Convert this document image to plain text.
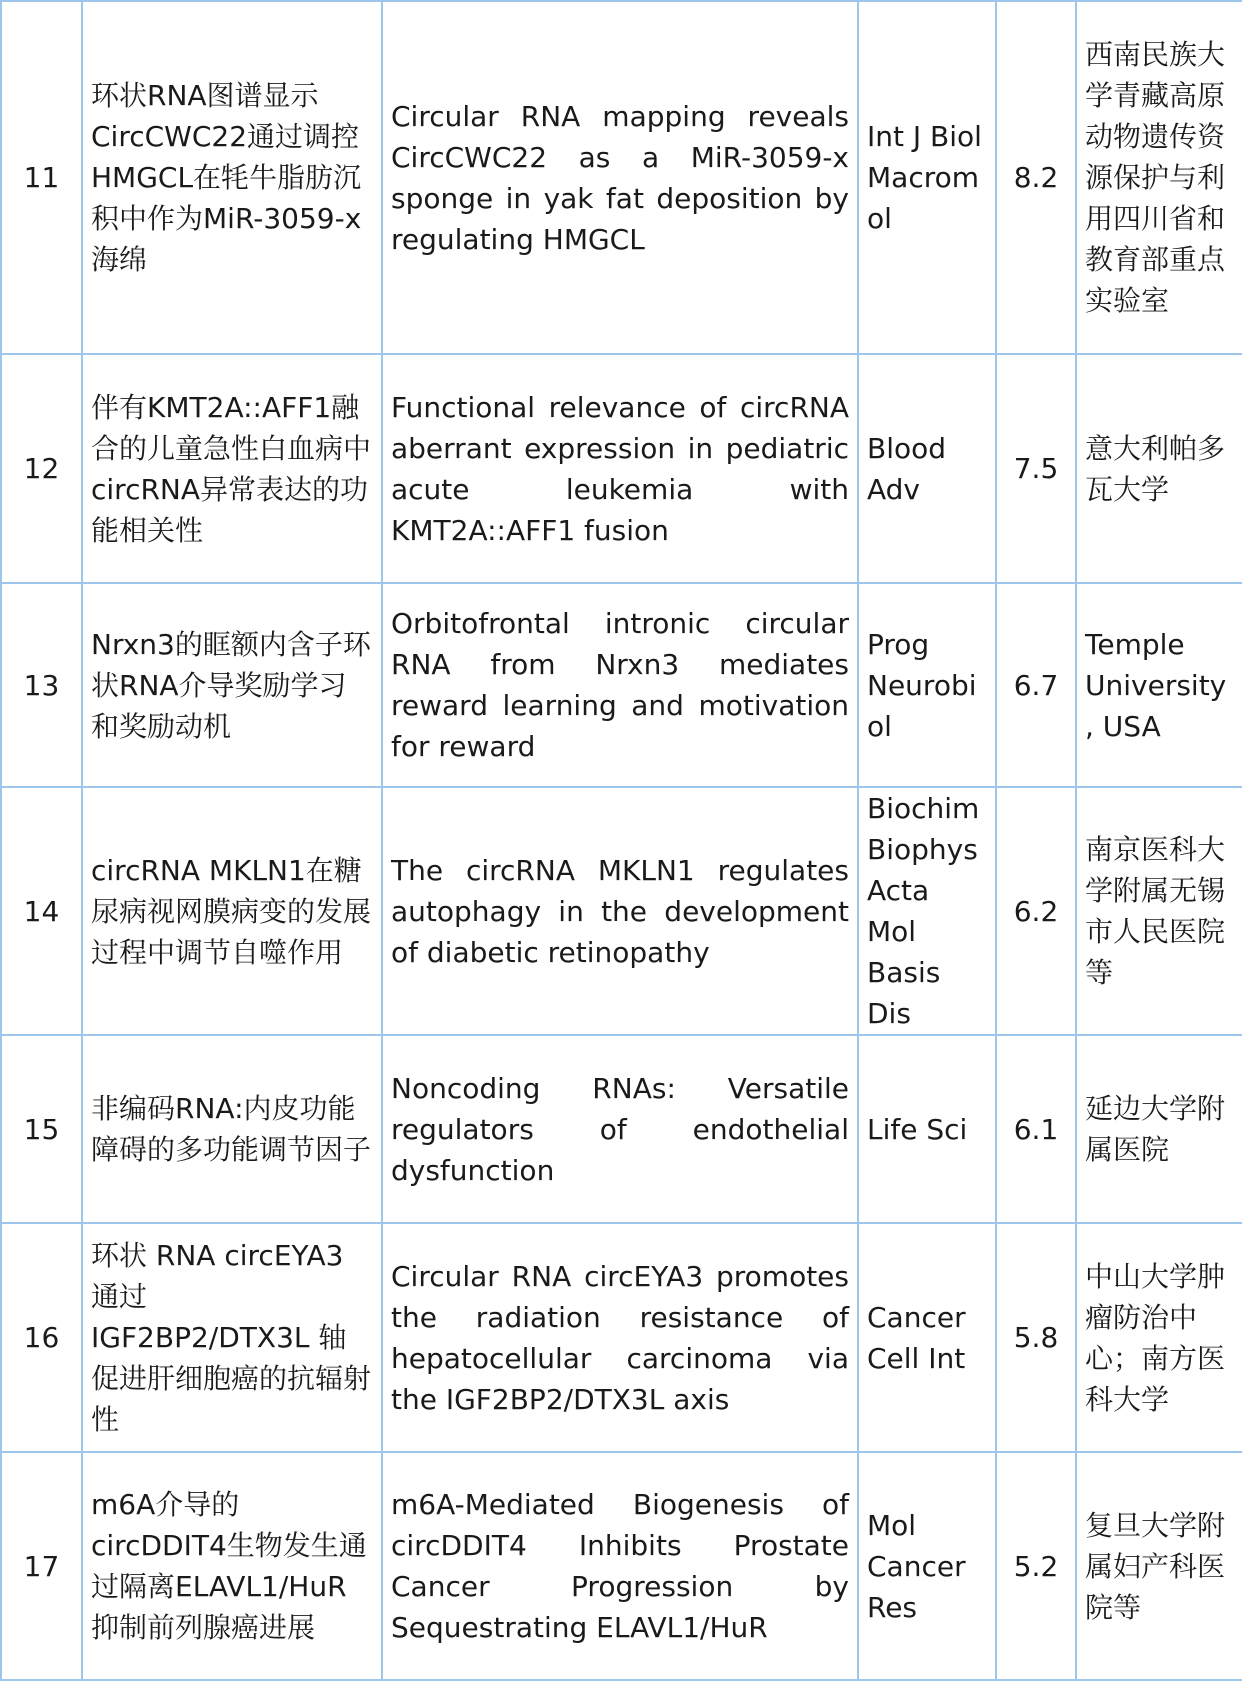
11	环状RNA图谱显示CircCWC22通过调控HMGCL在牦牛脂肪沉积中作为MiR-3059-x海绵	Circular RNA mapping reveals CircCWC22 as a MiR-3059-x sponge in yak fat deposition by regulating HMGCL	Int J Biol Macromol	8.2	西南民族大学青藏高原动物遗传资源保护与利用四川省和教育部重点实验室
12	伴有KMT2A::AFF1融合的儿童急性白血病中circRNA异常表达的功能相关性	Functional relevance of circRNA aberrant expression in pediatric acute leukemia with KMT2A::AFF1 fusion	Blood Adv	7.5	意大利帕多瓦大学
13	Nrxn3的眶额内含子环状RNA介导奖励学习和奖励动机	Orbitofrontal intronic circular RNA from Nrxn3 mediates reward learning and motivation for reward	Prog Neurobiol	6.7	Temple University, USA
14	circRNA MKLN1在糖尿病视网膜病变的发展过程中调节自噬作用	The circRNA MKLN1 regulates autophagy in the development of diabetic retinopathy	Biochim Biophys Acta Mol Basis Dis	6.2	南京医科大学附属无锡市人民医院等
15	非编码RNA:内皮功能障碍的多功能调节因子	Noncoding RNAs: Versatile regulators of endothelial dysfunction	Life Sci	6.1	延边大学附属医院
16	环状 RNA circEYA3 通过 IGF2BP2/DTX3L 轴促进肝细胞癌的抗辐射性	Circular RNA circEYA3 promotes the radiation resistance of hepatocellular carcinoma via the IGF2BP2/DTX3L axis	Cancer Cell Int	5.8	中山大学肿瘤防治中心；南方医科大学
17	m6A介导的circDDIT4生物发生通过隔离ELAVL1/HuR抑制前列腺癌进展	m6A-Mediated Biogenesis of circDDIT4 Inhibits Prostate Cancer Progression by Sequestrating ELAVL1/HuR	Mol Cancer Res	5.2	复旦大学附属妇产科医院等
